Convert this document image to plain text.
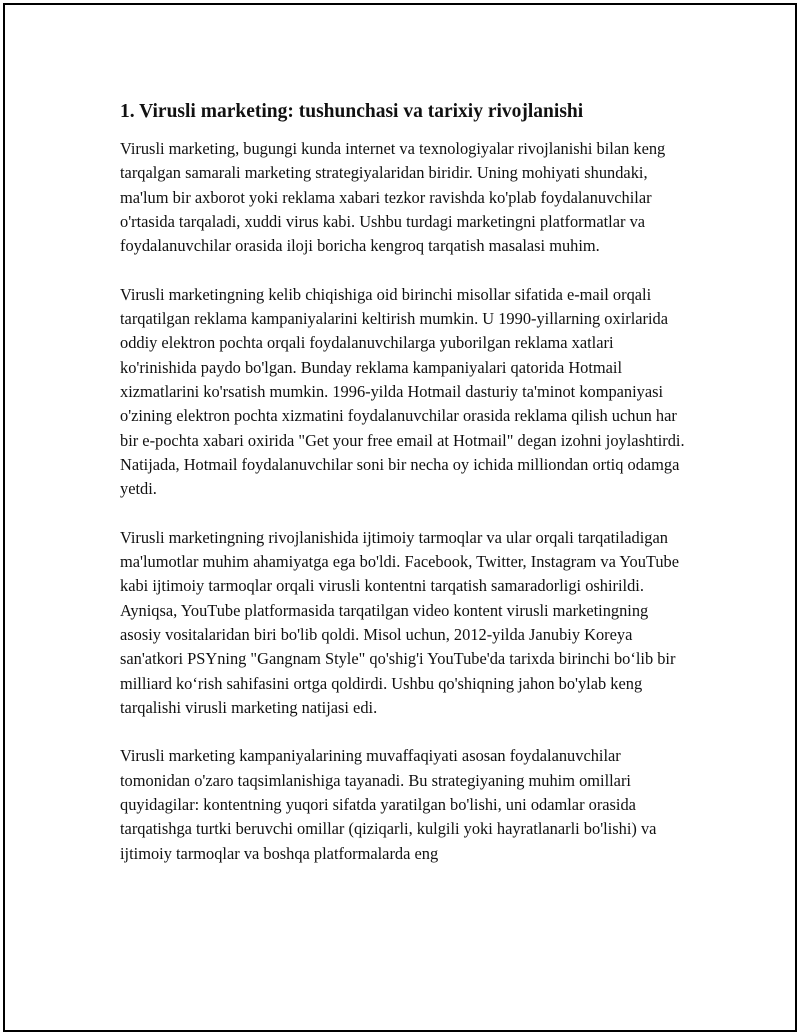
1. Virusli marketing: tushunchasi va tarixiy rivojlanishi

Virusli marketing, bugungi kunda internet va texnologiyalar rivojlanishi bilan keng tarqalgan samarali marketing strategiyalaridan biridir. Uning mohiyati shundaki, ma'lum bir axborot yoki reklama xabari tezkor ravishda ko'plab foydalanuvchilar o'rtasida tarqaladi, xuddi virus kabi. Ushbu turdagi marketingni platformatlar va foydalanuvchilar orasida iloji boricha kengroq tarqatish masalasi muhim.

Virusli marketingning kelib chiqishiga oid birinchi misollar sifatida e-mail orqali tarqatilgan reklama kampaniyalarini keltirish mumkin. U 1990-yillarning oxirlarida oddiy elektron pochta orqali foydalanuvchilarga yuborilgan reklama xatlari ko'rinishida paydo bo'lgan. Bunday reklama kampaniyalari qatorida Hotmail xizmatlarini ko'rsatish mumkin. 1996-yilda Hotmail dasturiy ta'minot kompaniyasi o'zining elektron pochta xizmatini foydalanuvchilar orasida reklama qilish uchun har bir e-pochta xabari oxirida "Get your free email at Hotmail" degan izohni joylashtirdi. Natijada, Hotmail foydalanuvchilar soni bir necha oy ichida milliondan ortiq odamga yetdi.

Virusli marketingning rivojlanishida ijtimoiy tarmoqlar va ular orqali tarqatiladigan ma'lumotlar muhim ahamiyatga ega bo'ldi. Facebook, Twitter, Instagram va YouTube kabi ijtimoiy tarmoqlar orqali virusli kontentni tarqatish samaradorligi oshirildi. Ayniqsa, YouTube platformasida tarqatilgan video kontent virusli marketingning asosiy vositalaridan biri bo'lib qoldi. Misol uchun, 2012-yilda Janubiy Koreya san'atkori PSYning "Gangnam Style" qo'shig'i YouTube'da tarixda birinchi bo‘lib bir milliard ko‘rish sahifasini ortga qoldirdi. Ushbu qo'shiqning jahon bo'ylab keng tarqalishi virusli marketing natijasi edi.

Virusli marketing kampaniyalarining muvaffaqiyati asosan foydalanuvchilar tomonidan o'zaro taqsimlanishiga tayanadi. Bu strategiyaning muhim omillari quyidagilar: kontentning yuqori sifatda yaratilgan bo'lishi, uni odamlar orasida tarqatishga turtki beruvchi omillar (qiziqarli, kulgili yoki hayratlanarli bo'lishi) va ijtimoiy tarmoqlar va boshqa platformalarda eng
